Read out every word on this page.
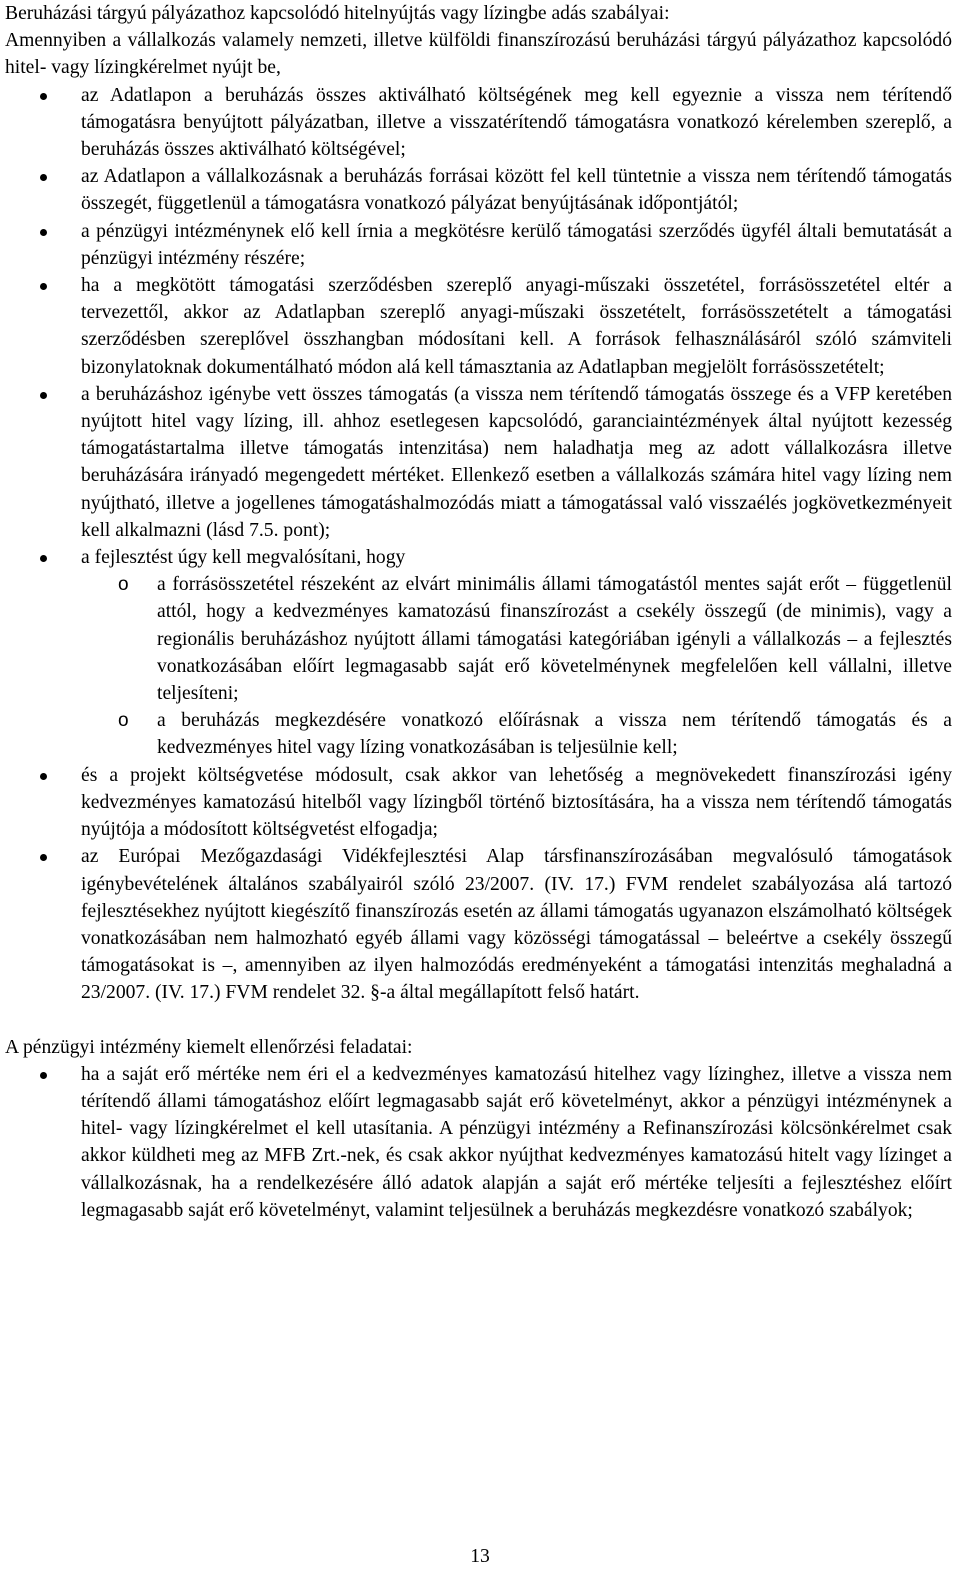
Beruházási tárgyú pályázathoz kapcsolódó hitelnyújtás vagy lízingbe adás szabályai:

Amennyiben a vállalkozás valamely nemzeti, illetve külföldi finanszírozású beruházási tárgyú pályázathoz kapcsolódó hitel- vagy lízingkérelmet nyújt be,

az Adatlapon a beruházás összes aktiválható költségének meg kell egyeznie a vissza nem térítendő támogatásra benyújtott pályázatban, illetve a visszatérítendő támogatásra vonatkozó kérelemben szereplő, a beruházás összes aktiválható költségével;
az Adatlapon a vállalkozásnak a beruházás forrásai között fel kell tüntetnie a vissza nem térítendő támogatás összegét, függetlenül a támogatásra vonatkozó pályázat benyújtásának időpontjától;
a pénzügyi intézménynek elő kell írnia a megkötésre kerülő támogatási szerződés ügyfél általi bemutatását a pénzügyi intézmény részére;
ha a megkötött támogatási szerződésben szereplő anyagi-műszaki összetétel, forrásösszetétel eltér a tervezettől, akkor az Adatlapban szereplő anyagi-műszaki összetételt, forrásösszetételt a támogatási szerződésben szereplővel összhangban módosítani kell. A források felhasználásáról szóló számviteli bizonylatoknak dokumentálható módon alá kell támasztania az Adatlapban megjelölt forrásösszetételt;
a beruházáshoz igénybe vett összes támogatás (a vissza nem térítendő támogatás összege és a VFP keretében nyújtott hitel vagy lízing, ill. ahhoz esetlegesen kapcsolódó, garanciaintézmények által nyújtott kezesség támogatástartalma illetve támogatás intenzitása) nem haladhatja meg az adott vállalkozásra illetve beruházására irányadó megengedett mértéket. Ellenkező esetben a vállalkozás számára hitel vagy lízing nem nyújtható, illetve a jogellenes támogatáshalmozódás miatt a támogatással való visszaélés jogkövetkezményeit kell alkalmazni (lásd 7.5. pont);
a fejlesztést úgy kell megvalósítani, hogy
o a forrásösszetétel részeként az elvárt minimális állami támogatástól mentes saját erőt – függetlenül attól, hogy a kedvezményes kamatozású finanszírozást a csekély összegű (de minimis), vagy a regionális beruházáshoz nyújtott állami támogatási kategóriában igényli a vállalkozás – a fejlesztés vonatkozásában előírt legmagasabb saját erő követelménynek megfelelően kell vállalni, illetve teljesíteni;
o a beruházás megkezdésére vonatkozó előírásnak a vissza nem térítendő támogatás és a kedvezményes hitel vagy lízing vonatkozásában is teljesülnie kell;
és a projekt költségvetése módosult, csak akkor van lehetőség a megnövekedett finanszírozási igény kedvezményes kamatozású hitelből vagy lízingből történő biztosítására, ha a vissza nem térítendő támogatás nyújtója a módosított költségvetést elfogadja;
az Európai Mezőgazdasági Vidékfejlesztési Alap társfinanszírozásában megvalósuló támogatások igénybevételének általános szabályairól szóló 23/2007. (IV. 17.) FVM rendelet szabályozása alá tartozó fejlesztésekhez nyújtott kiegészítő finanszírozás esetén az állami támogatás ugyanazon elszámolható költségek vonatkozásában nem halmozható egyéb állami vagy közösségi támogatással – beleértve a csekély összegű támogatásokat is –, amennyiben az ilyen halmozódás eredményeként a támogatási intenzitás meghaladná a 23/2007. (IV. 17.) FVM rendelet 32. §-a által megállapított felső határt.

A pénzügyi intézmény kiemelt ellenőrzési feladatai:

ha a saját erő mértéke nem éri el a kedvezményes kamatozású hitelhez vagy lízinghez, illetve a vissza nem térítendő állami támogatáshoz előírt legmagasabb saját erő követelményt, akkor a pénzügyi intézménynek a hitel- vagy lízingkérelmet el kell utasítania. A pénzügyi intézmény a Refinanszírozási kölcsönkérelmet csak akkor küldheti meg az MFB Zrt.-nek, és csak akkor nyújthat kedvezményes kamatozású hitelt vagy lízinget a vállalkozásnak, ha a rendelkezésére álló adatok alapján a saját erő mértéke teljesíti a fejlesztéshez előírt legmagasabb saját erő követelményt, valamint teljesülnek a beruházás megkezdésre vonatkozó szabályok;
13
